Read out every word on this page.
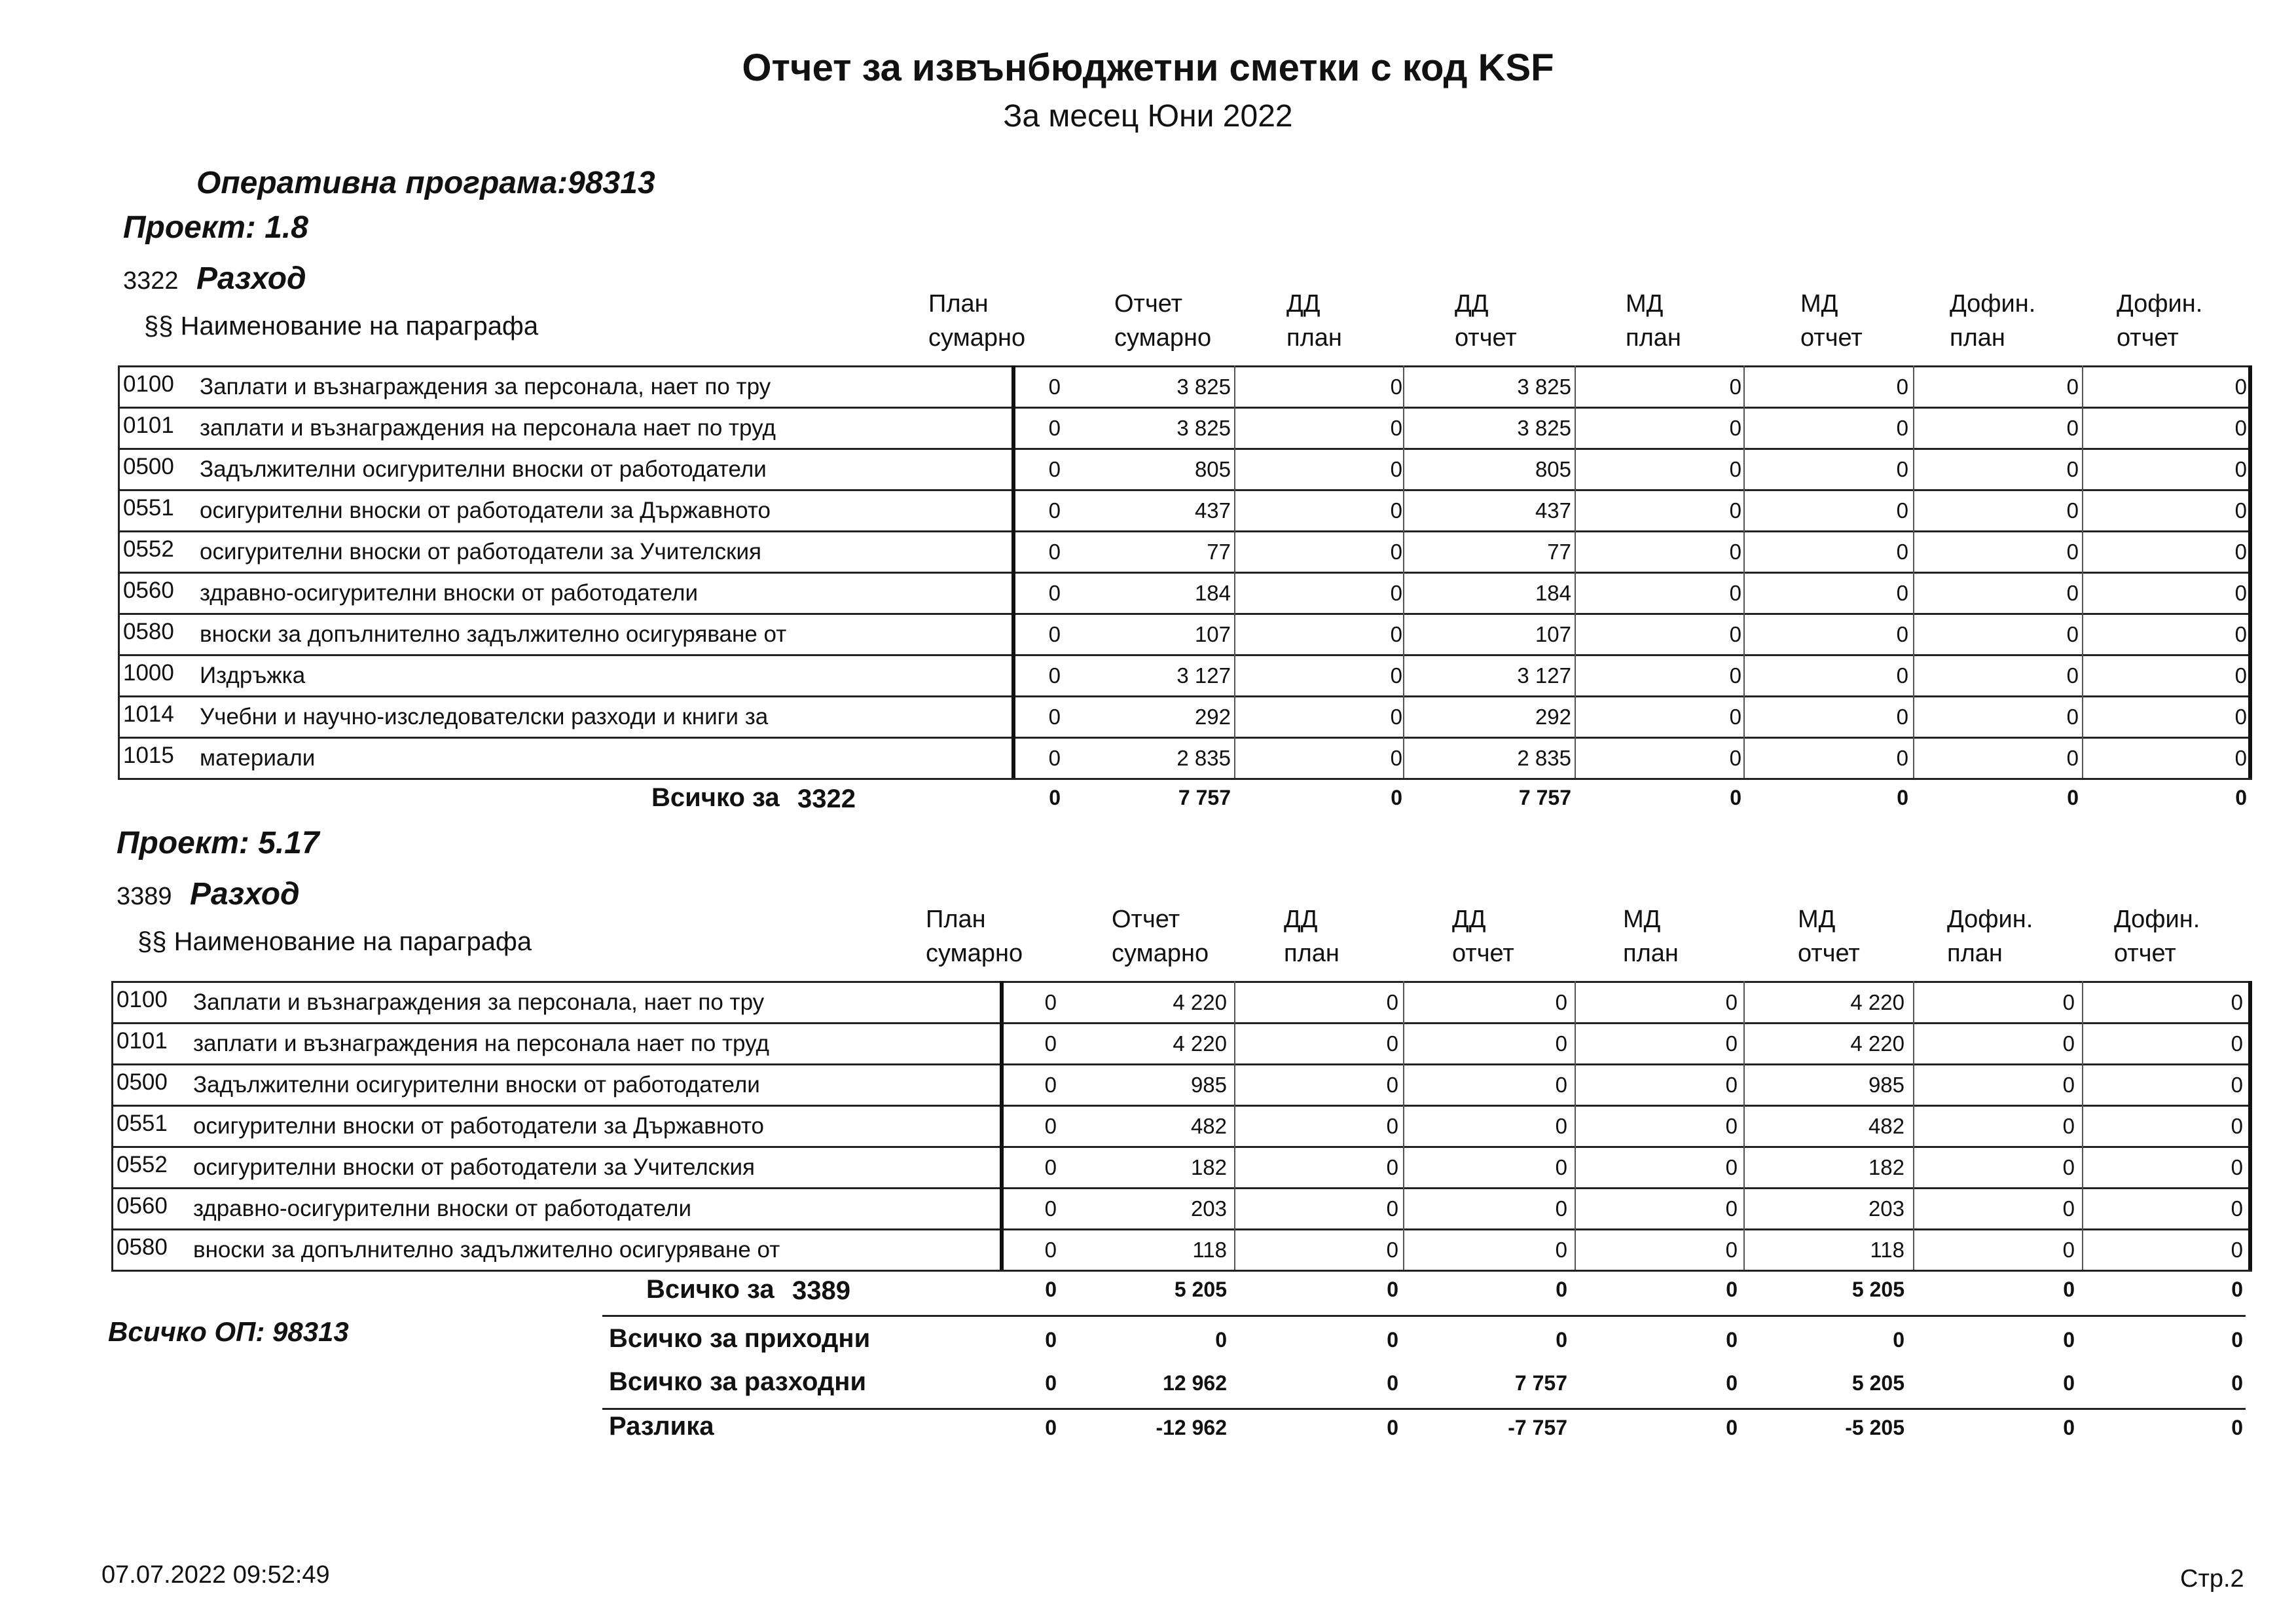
Отчет за извънбюджетни сметки с код KSF
За месец Юни 2022
Оперативна програма:98313
Проект: 1.8
3322 Разход
§§ Наименование на параграфа
План
сумарно
Отчет
сумарно
ДД
план
ДД
отчет
МД
план
МД
отчет
Дофин.
план
Дофин.
отчет
0100 Заплати и възнаграждения за персонала, нает по тру	0	3 825	0	3 825	0	0	0	0
0101 заплати и възнаграждения на персонала нает по труд	0	3 825	0	3 825	0	0	0	0
0500 Задължителни осигурителни вноски от работодатели	0	805	0	805	0	0	0	0
0551 осигурителни вноски от работодатели за Държавното	0	437	0	437	0	0	0	0
0552 осигурителни вноски от работодатели за Учителския	0	77	0	77	0	0	0	0
0560 здравно-осигурителни вноски от работодатели	0	184	0	184	0	0	0	0
0580 вноски за допълнително задължително осигуряване от	0	107	0	107	0	0	0	0
1000 Издръжка	0	3 127	0	3 127	0	0	0	0
1014 Учебни и научно-изследователски разходи и книги за	0	292	0	292	0	0	0	0
1015 материали	0	2 835	0	2 835	0	0	0	0
Всичко за 3322	0	7 757	0	7 757	0	0	0	0
Проект: 5.17
3389 Разход
§§ Наименование на параграфа
План
сумарно
Отчет
сумарно
ДД
план
ДД
отчет
МД
план
МД
отчет
Дофин.
план
Дофин.
отчет
0100 Заплати и възнаграждения за персонала, нает по тру	0	4 220	0	0	0	4 220	0	0
0101 заплати и възнаграждения на персонала нает по труд	0	4 220	0	0	0	4 220	0	0
0500 Задължителни осигурителни вноски от работодатели	0	985	0	0	0	985	0	0
0551 осигурителни вноски от работодатели за Държавното	0	482	0	0	0	482	0	0
0552 осигурителни вноски от работодатели за Учителския	0	182	0	0	0	182	0	0
0560 здравно-осигурителни вноски от работодатели	0	203	0	0	0	203	0	0
0580 вноски за допълнително задължително осигуряване от	0	118	0	0	0	118	0	0
Всичко за 3389	0	5 205	0	0	0	5 205	0	0
Всичко ОП: 98313	Всичко за приходни	0	0	0	0	0	0	0	0
Всичко за разходни	0	12 962	0	7 757	0	5 205	0	0
Разлика	0	-12 962	0	-7 757	0	-5 205	0	0
07.07.2022 09:52:49	Стр.2
